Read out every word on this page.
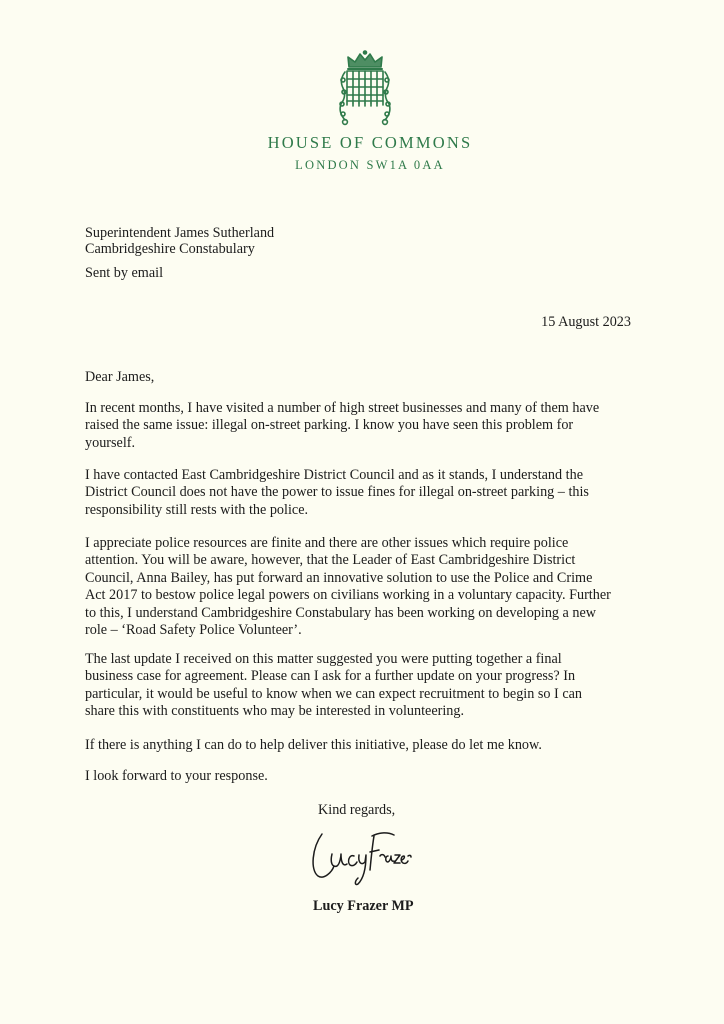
HOUSE OF COMMONS
LONDON SW1A 0AA
Superintendent James Sutherland
Cambridgeshire Constabulary
Sent by email
15 August 2023
Dear James,
In recent months, I have visited a number of high street businesses and many of them have
raised the same issue: illegal on-street parking. I know you have seen this problem for
yourself.
I have contacted East Cambridgeshire District Council and as it stands, I understand the
District Council does not have the power to issue fines for illegal on-street parking – this
responsibility still rests with the police.
I appreciate police resources are finite and there are other issues which require police
attention. You will be aware, however, that the Leader of East Cambridgeshire District
Council, Anna Bailey, has put forward an innovative solution to use the Police and Crime
Act 2017 to bestow police legal powers on civilians working in a voluntary capacity. Further
to this, I understand Cambridgeshire Constabulary has been working on developing a new
role – ‘Road Safety Police Volunteer’.
The last update I received on this matter suggested you were putting together a final
business case for agreement. Please can I ask for a further update on your progress? In
particular, it would be useful to know when we can expect recruitment to begin so I can
share this with constituents who may be interested in volunteering.
If there is anything I can do to help deliver this initiative, please do let me know.
I look forward to your response.
Kind regards,
Lucy Frazer MP
